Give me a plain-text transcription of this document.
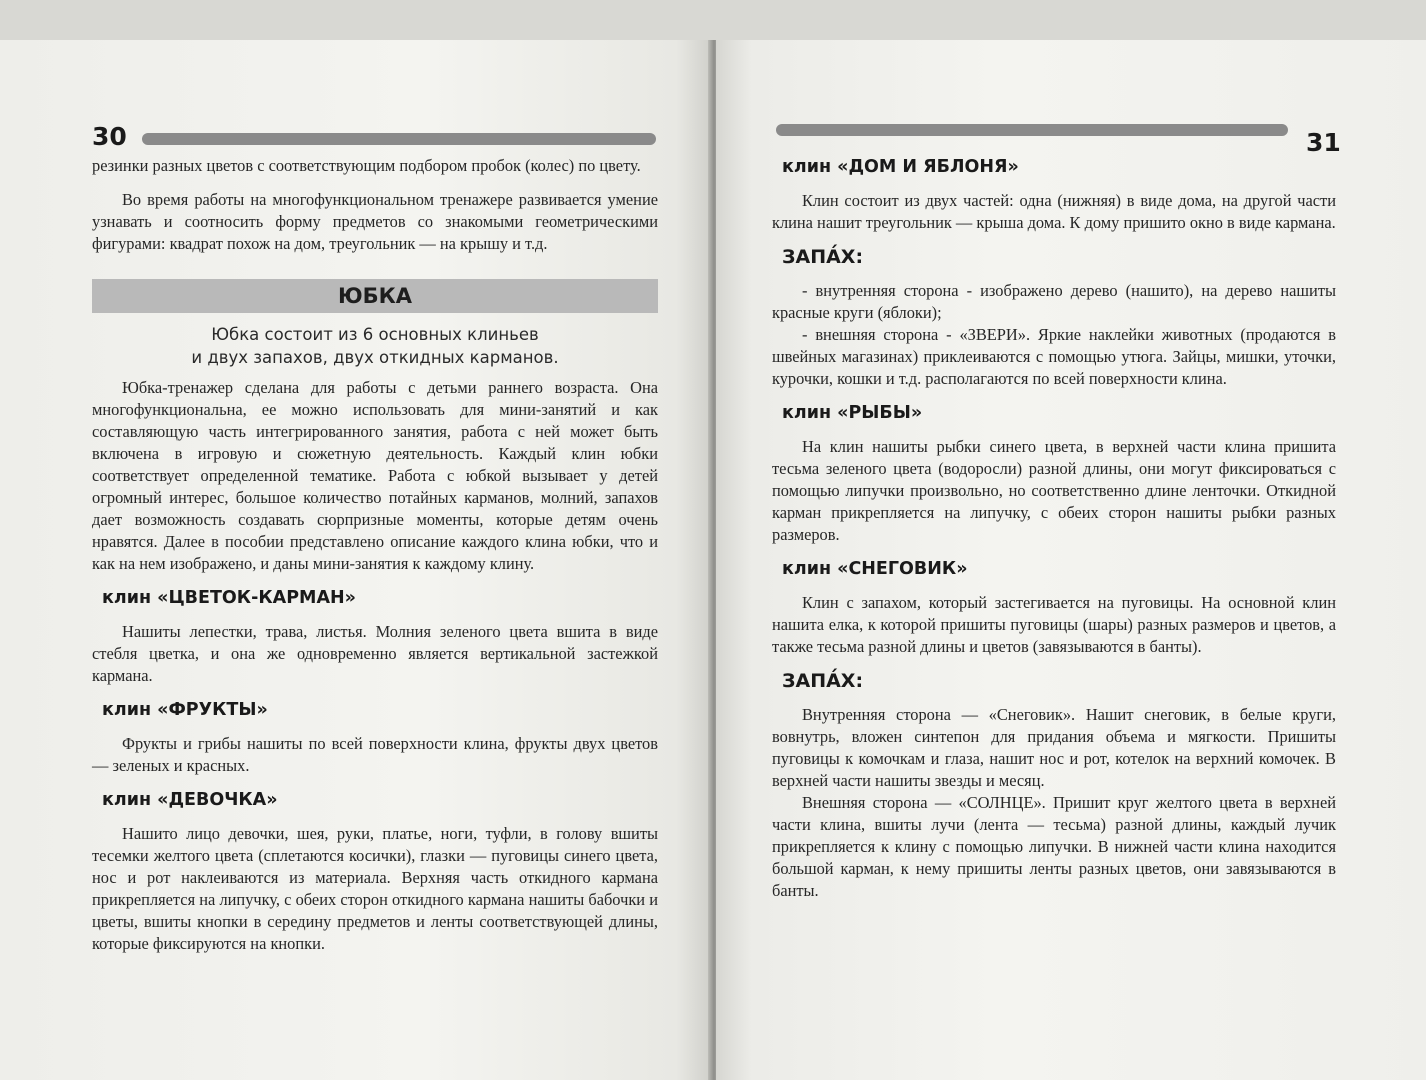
30

резинки разных цветов с соответствующим подбором пробок (колес) по цвету.

Во время работы на многофункциональном тренажере развивается умение узнавать и соотносить форму предметов со знакомыми геометрическими фигурами: квадрат похож на дом, треугольник — на крышу и т.д.

ЮБКА
Юбка состоит из 6 основных клиньев
и двух запахов, двух откидных карманов.

Юбка-тренажер сделана для работы с детьми раннего возраста. Она многофункциональна, ее можно использовать для мини-занятий и как составляющую часть интегрированного занятия, работа с ней может быть включена в игровую и сюжетную деятельность. Каждый клин юбки соответствует определенной тематике. Работа с юбкой вызывает у детей огромный интерес, большое количество потайных карманов, молний, запахов дает возможность создавать сюрпризные моменты, которые детям очень нравятся. Далее в пособии представлено описание каждого клина юбки, что и как на нем изображено, и даны мини-занятия к каждому клину.

клин «ЦВЕТОК-КАРМАН»

Нашиты лепестки, трава, листья. Молния зеленого цвета вшита в виде стебля цветка, и она же одновременно является вертикальной застежкой кармана.

клин «ФРУКТЫ»

Фрукты и грибы нашиты по всей поверхности клина, фрукты двух цветов — зеленых и красных.

клин «ДЕВОЧКА»

Нашито лицо девочки, шея, руки, платье, ноги, туфли, в голову вшиты тесемки желтого цвета (сплетаются косички), глазки — пуговицы синего цвета, нос и рот наклеиваются из материала. Верхняя часть откидного кармана прикрепляется на липучку, с обеих сторон откидного кармана нашиты бабочки и цветы, вшиты кнопки в середину предметов и ленты соответствующей длины, которые фиксируются на кнопки.

31
клин «ДОМ И ЯБЛОНЯ»

Клин состоит из двух частей: одна (нижняя) в виде дома, на другой части клина нашит треугольник — крыша дома. К дому пришито окно в виде кармана.

ЗАПА́Х:

- внутренняя сторона - изображено дерево (нашито), на дерево нашиты красные круги (яблоки);

- внешняя сторона - «ЗВЕРИ». Яркие наклейки животных (продаются в швейных магазинах) приклеиваются с помощью утюга. Зайцы, мишки, уточки, курочки, кошки и т.д. располагаются по всей поверхности клина.

клин «РЫБЫ»

На клин нашиты рыбки синего цвета, в верхней части клина пришита тесьма зеленого цвета (водоросли) разной длины, они могут фиксироваться с помощью липучки произвольно, но соответственно длине ленточки. Откидной карман прикрепляется на липучку, с обеих сторон нашиты рыбки разных размеров.

клин «СНЕГОВИК»

Клин с запахом, который застегивается на пуговицы. На основной клин нашита елка, к которой пришиты пуговицы (шары) разных размеров и цветов, а также тесьма разной длины и цветов (завязываются в банты).

ЗАПА́Х:

Внутренняя сторона — «Снеговик». Нашит снеговик, в белые круги, вовнутрь, вложен синтепон для придания объема и мягкости. Пришиты пуговицы к комочкам и глаза, нашит нос и рот, котелок на верхний комочек. В верхней части нашиты звезды и месяц.

Внешняя сторона — «СОЛНЦЕ». Пришит круг желтого цвета в верхней части клина, вшиты лучи (лента — тесьма) разной длины, каждый лучик прикрепляется к клину с помощью липучки. В нижней части клина находится большой карман, к нему пришиты ленты разных цветов, они завязываются в банты.
